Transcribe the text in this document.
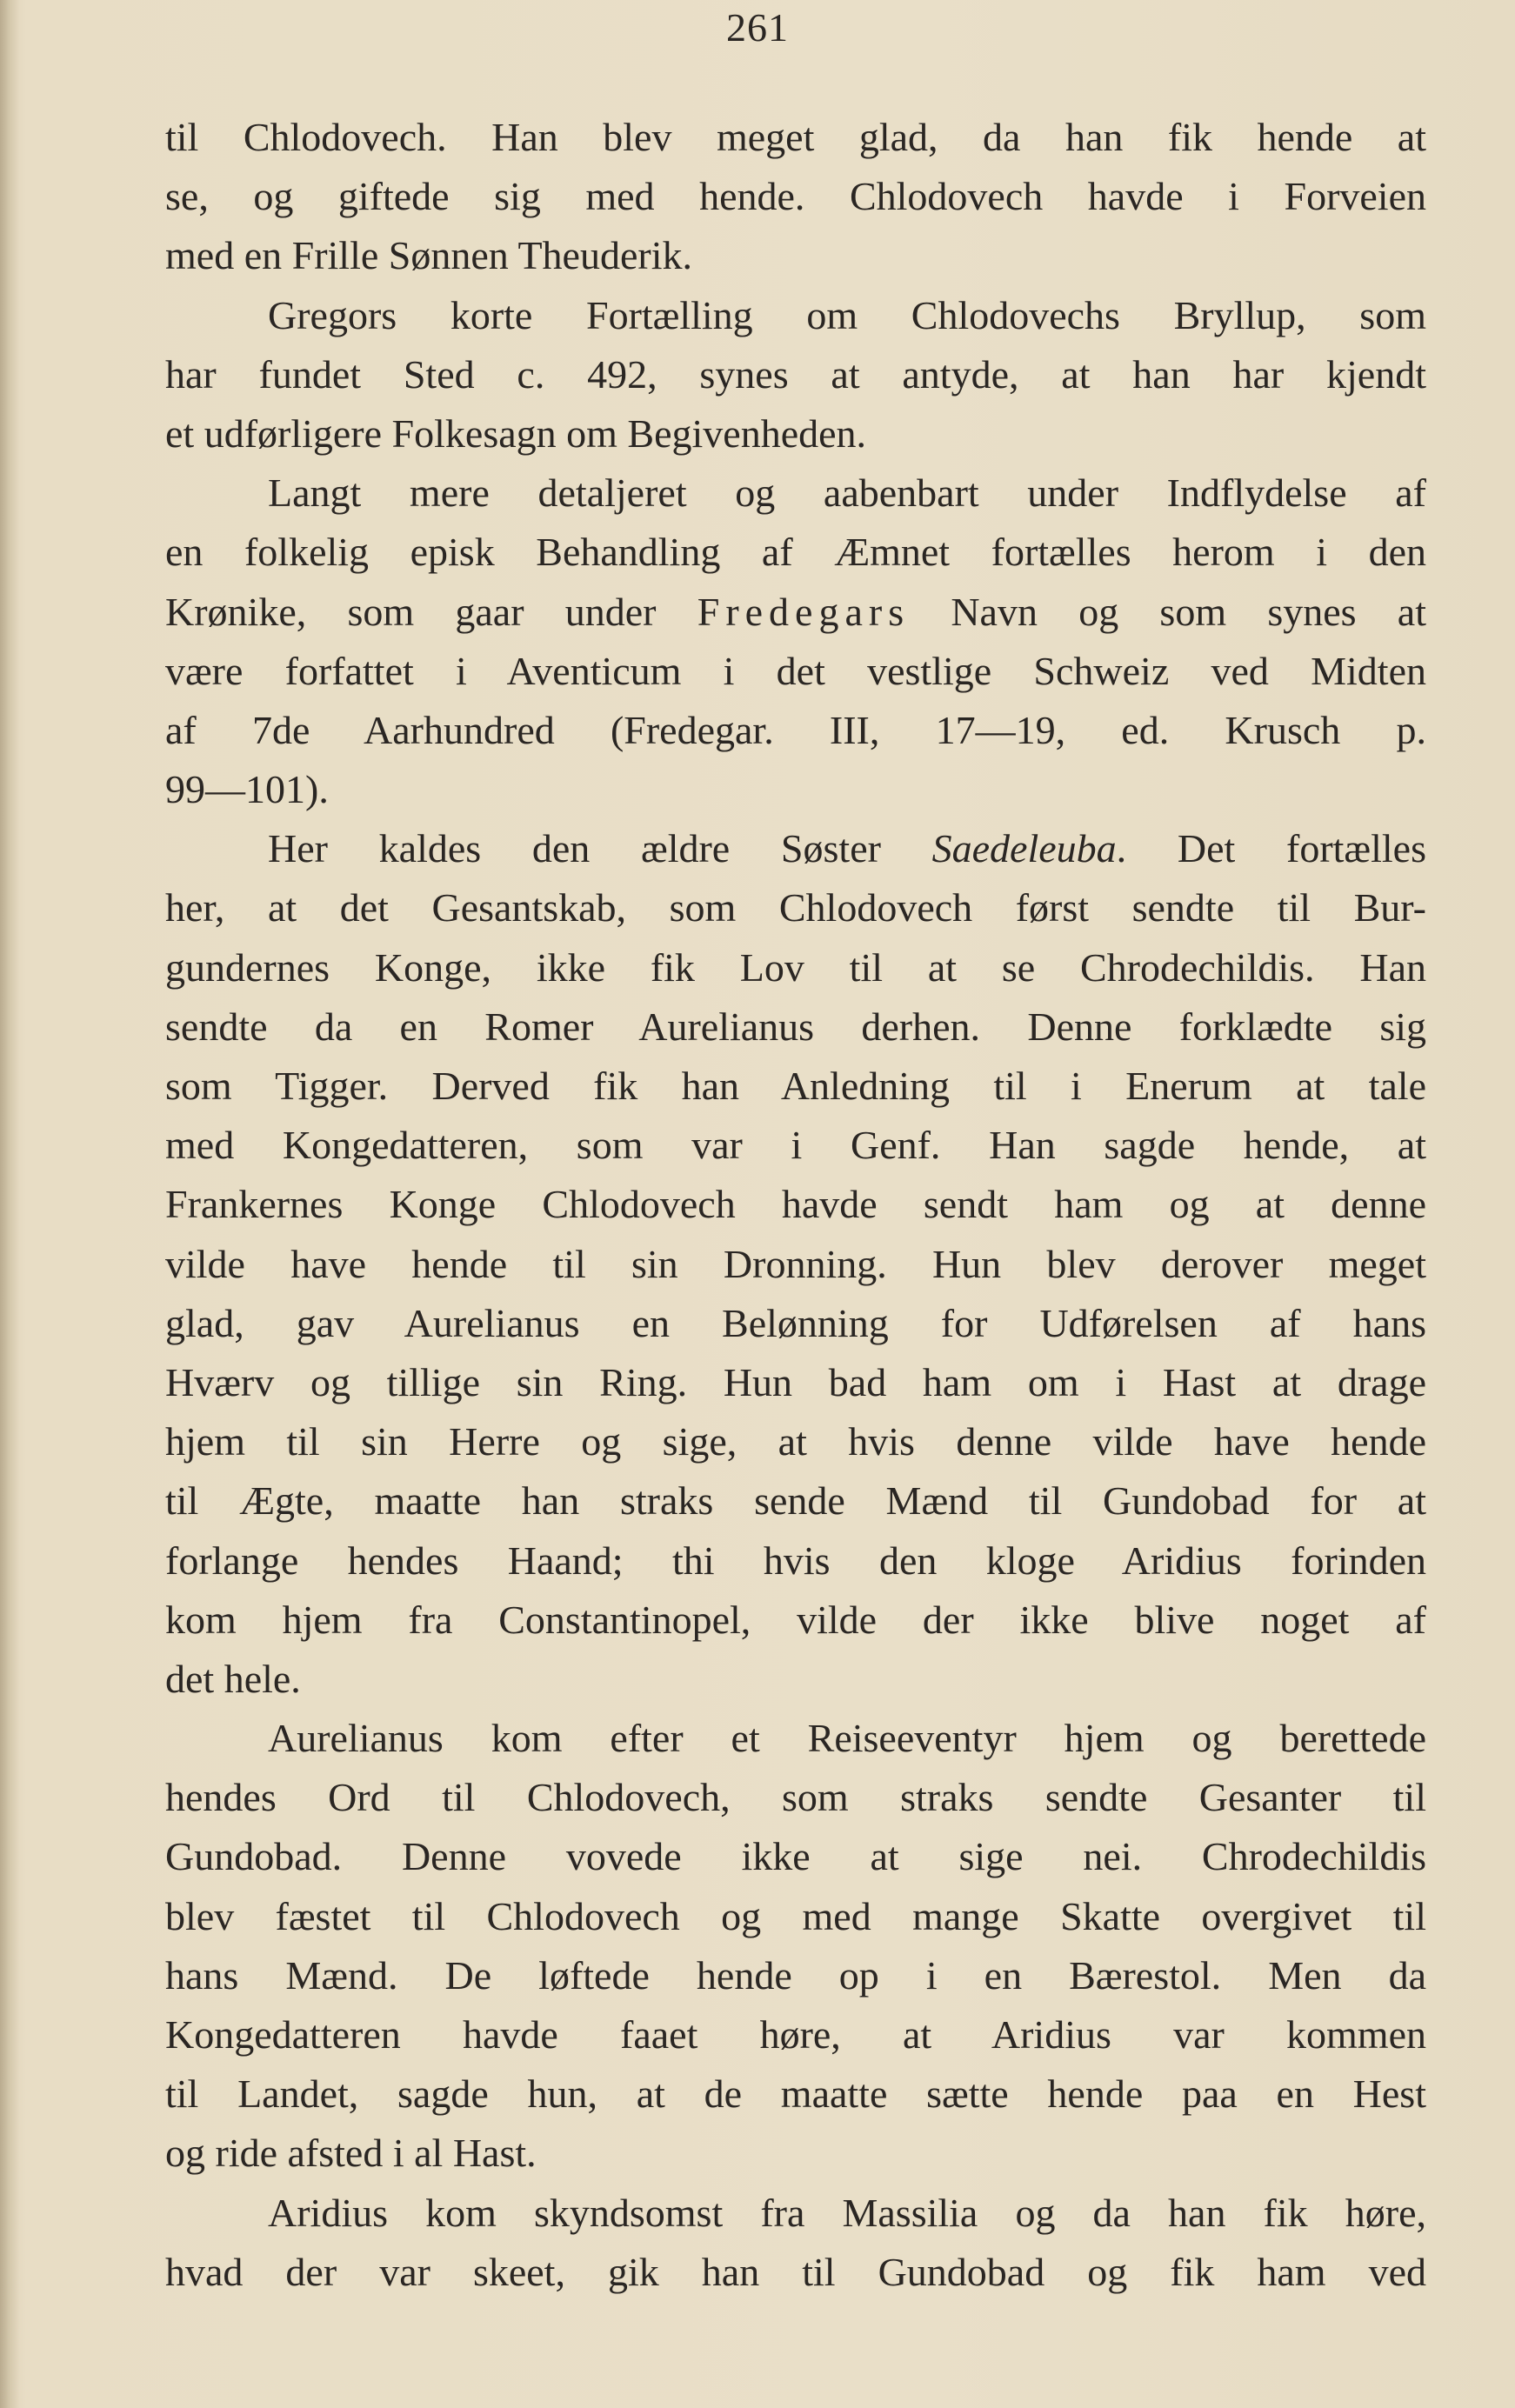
261
til Chlodovech. Han blev meget glad, da han fik hende at
se, og giftede sig med hende. Chlodovech havde i Forveien
med en Frille Sønnen Theuderik.
Gregors korte Fortælling om Chlodovechs Bryllup, som
har fundet Sted c. 492, synes at antyde, at han har kjendt
et udførligere Folkesagn om Begivenheden.
Langt mere detaljeret og aabenbart under Indflydelse af
en folkelig episk Behandling af Æmnet fortælles herom i den
Krønike, som gaar under Fredegars Navn og som synes at
være forfattet i Aventicum i det vestlige Schweiz ved Midten
af 7de Aarhundred (Fredegar. III, 17—19, ed. Krusch p.
99—101).
Her kaldes den ældre Søster Saedeleuba. Det fortælles
her, at det Gesantskab, som Chlodovech først sendte til Bur-
gundernes Konge, ikke fik Lov til at se Chrodechildis. Han
sendte da en Romer Aurelianus derhen. Denne forklædte sig
som Tigger. Derved fik han Anledning til i Enerum at tale
med Kongedatteren, som var i Genf. Han sagde hende, at
Frankernes Konge Chlodovech havde sendt ham og at denne
vilde have hende til sin Dronning. Hun blev derover meget
glad, gav Aurelianus en Belønning for Udførelsen af hans
Hværv og tillige sin Ring. Hun bad ham om i Hast at drage
hjem til sin Herre og sige, at hvis denne vilde have hende
til Ægte, maatte han straks sende Mænd til Gundobad for at
forlange hendes Haand; thi hvis den kloge Aridius forinden
kom hjem fra Constantinopel, vilde der ikke blive noget af
det hele.
Aurelianus kom efter et Reiseeventyr hjem og berettede
hendes Ord til Chlodovech, som straks sendte Gesanter til
Gundobad. Denne vovede ikke at sige nei. Chrodechildis
blev fæstet til Chlodovech og med mange Skatte overgivet til
hans Mænd. De løftede hende op i en Bærestol. Men da
Kongedatteren havde faaet høre, at Aridius var kommen
til Landet, sagde hun, at de maatte sætte hende paa en Hest
og ride afsted i al Hast.
Aridius kom skyndsomst fra Massilia og da han fik høre,
hvad der var skeet, gik han til Gundobad og fik ham ved
